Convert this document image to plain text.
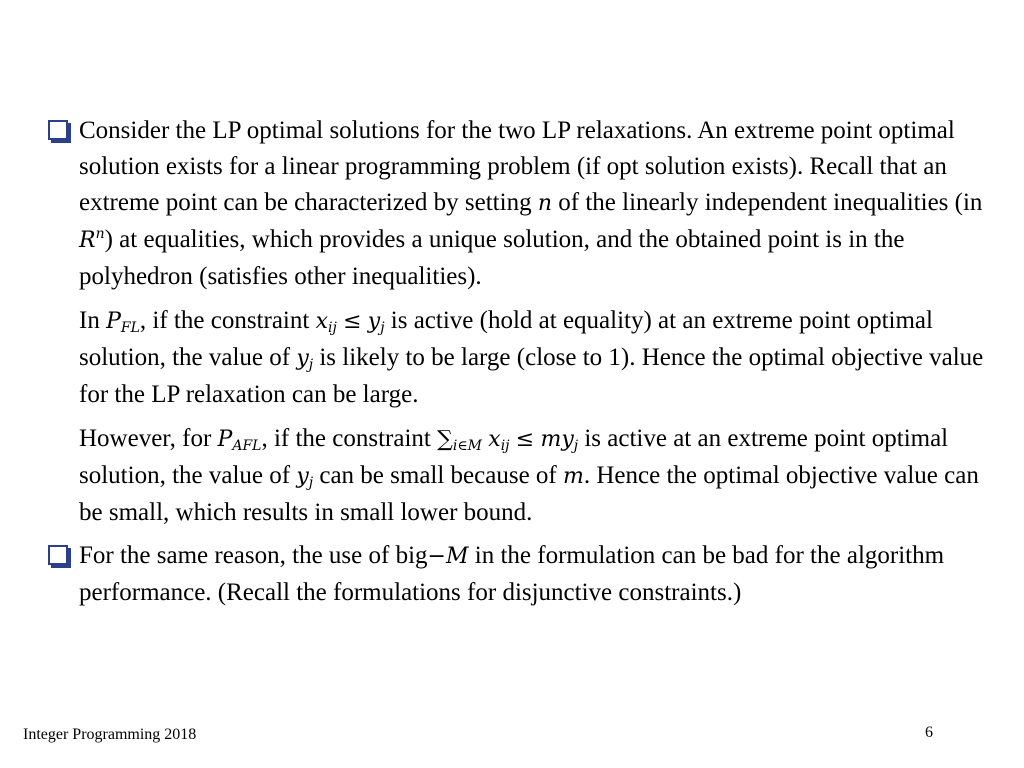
Consider the LP optimal solutions for the two LP relaxations. An extreme point optimal solution exists for a linear programming problem (if opt solution exists). Recall that an extreme point can be characterized by setting n of the linearly independent inequalities (in $R^n$) at equalities, which provides a unique solution, and the obtained point is in the polyhedron (satisfies other inequalities).

In $P_{FL}$, if the constraint $x_{ij} \le y_j$ is active (hold at equality) at an extreme point optimal solution, the value of $y_j$ is likely to be large (close to 1). Hence the optimal objective value for the LP relaxation can be large.

However, for $P_{AFL}$, if the constraint $\sum_{i\in M}$ $x_{ij} \le my_j$ is active at an extreme point optimal solution, the value of $y_j$ can be small because of m. Hence the optimal objective value can be small, which results in small lower bound.

For the same reason, the use of big−M in the formulation can be bad for the algorithm performance. (Recall the formulations for disjunctive constraints.)

Integer Programming 2018	6
